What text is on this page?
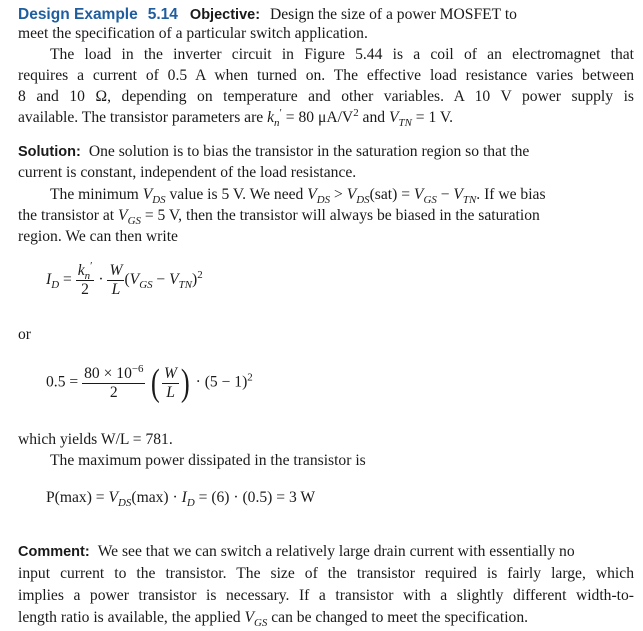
Design Example 5.14 Objective: Design the size of a power MOSFET to
meet the specification of a particular switch application.
The load in the inverter circuit in Figure 5.44 is a coil of an electromagnet that
requires a current of 0.5 A when turned on. The effective load resistance varies between
8 and 10 Ω, depending on temperature and other variables. A 10 V power supply is
available. The transistor parameters are $k_n' = 80$ $\mu A/V^2$ and $V_{TN} = 1$ V.
Solution: One solution is to bias the transistor in the saturation region so that the
current is constant, independent of the load resistance.
The minimum $V_{DS}$ value is 5 V. We need $V_{DS} > V_{DS}(sat) = V_{GS} - V_{TN}$. If we bias
the transistor at $V_{GS} = 5$ V, then the transistor will always be biased in the saturation
region. We can then write
$I_D = \frac{k_n'}{2} \cdot \frac{W}{L} (V_{GS} - V_{TN})^2$
or
$0.5 = \frac{80 \times 10^{-6}}{2}$ ( $\frac{W}{L}$ ) · $(5 - 1)^2$
which yields W/L = 781.
The maximum power dissipated in the transistor is
$P(\max) = V_{DS}(\max) \cdot I_D = (6) \cdot (0.5) = 3$ W
Comment: We see that we can switch a relatively large drain current with essentially no
input current to the transistor. The size of the transistor required is fairly large, which
implies a power transistor is necessary. If a transistor with a slightly different width-to-
length ratio is available, the applied $V_{GS}$ can be changed to meet the specification.
